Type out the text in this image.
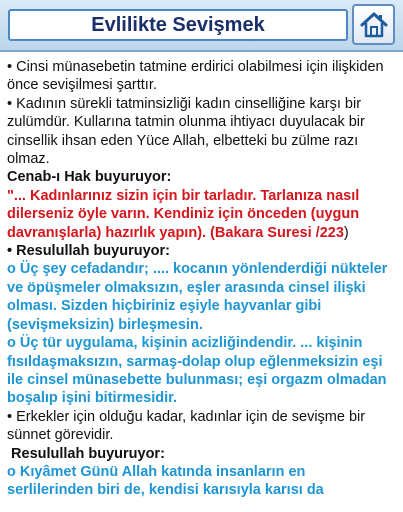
Evlilikte Sevişmek

• Cinsi münasebetin tatmine erdirici olabilmesi için ilişkiden önce sevişilmesi şarttır.

• Kadının sürekli tatminsizliği kadın cinselliğine karşı bir zulümdür. Kullarına tatmin olunma ihtiyacı duyulacak bir cinsellik ihsan eden Yüce Allah, elbetteki bu zülme razı olmaz.

Cenab-ı Hak buyuruyor:

"... Kadınlarınız sizin için bir tarladır. Tarlanıza nasıl dilerseniz öyle varın. Kendiniz için önceden (uygun davranışlarla) hazırlık yapın). (Bakara Suresi /223)

• Resulullah buyuruyor:

o Üç şey cefadandır; .... kocanın yönlenderdiği nükteler ve öpüşmeler olmaksızın, eşler arasında cinsel ilişki olması. Sizden hiçbiriniz eşiyle hayvanlar gibi (sevişmeksizin) birleşmesin.

o Üç tür uygulama, kişinin acizliğindendir. ... kişinin fısıldaşmaksızın, sarmaş-dolap olup eğlenmeksizin eşi ile cinsel münasebette bulunması; eşi orgazm olmadan boşalıp işini bitirmesidir.

• Erkekler için olduğu kadar, kadınlar için de sevişme bir sünnet görevidir.

Resulullah buyuruyor:

o Kıyâmet Günü Allah katında insanların en serlilerinden biri de, kendisi karısıyla karısı da
